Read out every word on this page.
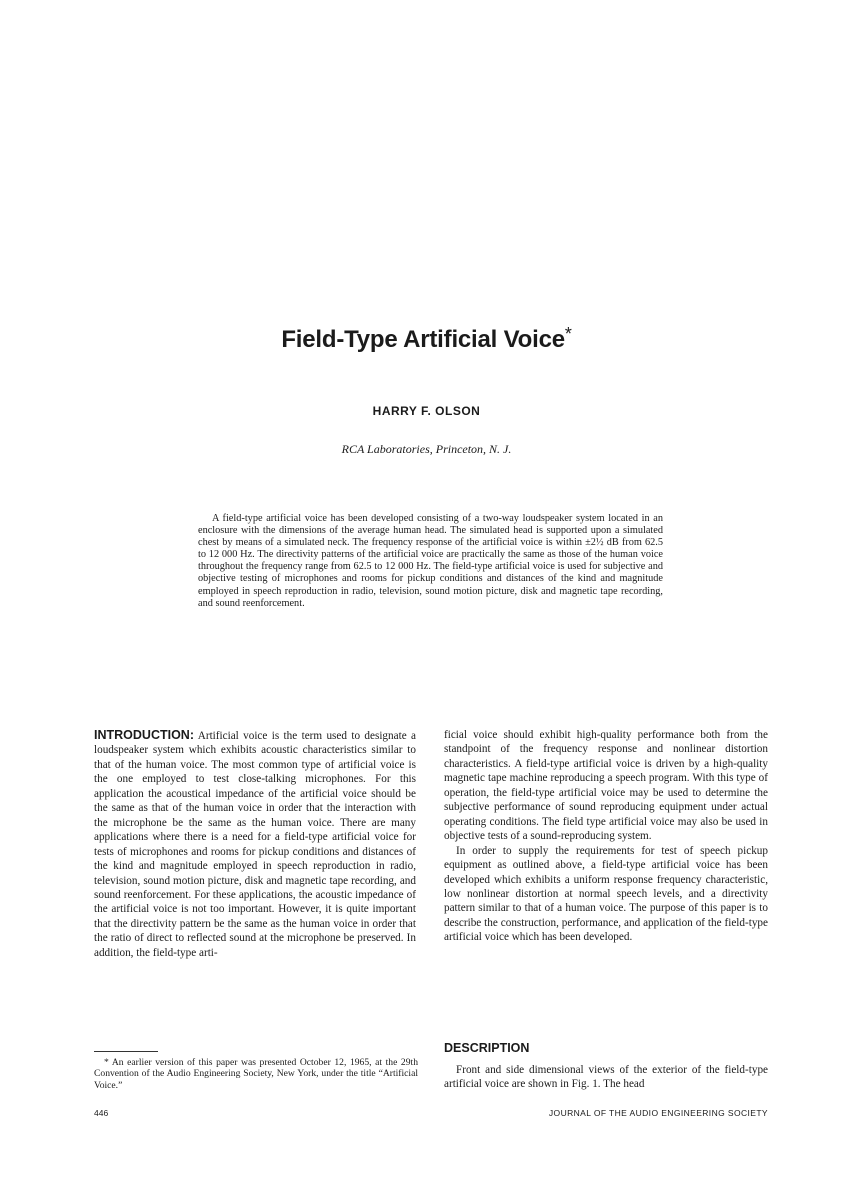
Field-Type Artificial Voice*
HARRY F. OLSON
RCA Laboratories, Princeton, N. J.

A field-type artificial voice has been developed consisting of a two-way loudspeaker system located in an enclosure with the dimensions of the average human head. The simulated head is supported upon a simulated chest by means of a simulated neck. The frequency response of the artificial voice is within ±2½ dB from 62.5 to 12 000 Hz. The directivity patterns of the artificial voice are practically the same as those of the human voice throughout the frequency range from 62.5 to 12 000 Hz. The field-type artificial voice is used for subjective and objective testing of microphones and rooms for pickup conditions and distances of the kind and magnitude employed in speech reproduction in radio, television, sound motion picture, disk and magnetic tape recording, and sound reenforcement.

INTRODUCTION: Artificial voice is the term used to designate a loudspeaker system which exhibits acoustic characteristics similar to that of the human voice. The most common type of artificial voice is the one employed to test close-talking microphones. For this application the acoustical impedance of the artificial voice should be the same as that of the human voice in order that the interaction with the microphone be the same as the human voice. There are many applications where there is a need for a field-type artificial voice for tests of microphones and rooms for pickup conditions and distances of the kind and magnitude employed in speech reproduction in radio, television, sound motion picture, disk and magnetic tape recording, and sound reenforcement. For these applications, the acoustic impedance of the artificial voice is not too important. However, it is quite important that the directivity pattern be the same as the human voice in order that the ratio of direct to reflected sound at the microphone be preserved. In addition, the field-type arti-

ficial voice should exhibit high-quality performance both from the standpoint of the frequency response and nonlinear distortion characteristics. A field-type artificial voice is driven by a high-quality magnetic tape machine reproducing a speech program. With this type of operation, the field-type artificial voice may be used to determine the subjective performance of sound reproducing equipment under actual operating conditions. The field type artificial voice may also be used in objective tests of a sound-reproducing system.

In order to supply the requirements for test of speech pickup equipment as outlined above, a field-type artificial voice has been developed which exhibits a uniform response frequency characteristic, low nonlinear distortion at normal speech levels, and a directivity pattern similar to that of a human voice. The purpose of this paper is to describe the construction, performance, and application of the field-type artificial voice which has been developed.

DESCRIPTION

Front and side dimensional views of the exterior of the field-type artificial voice are shown in Fig. 1. The head

* An earlier version of this paper was presented October 12, 1965, at the 29th Convention of the Audio Engineering Society, New York, under the title “Artificial Voice.”

446	JOURNAL OF THE AUDIO ENGINEERING SOCIETY
